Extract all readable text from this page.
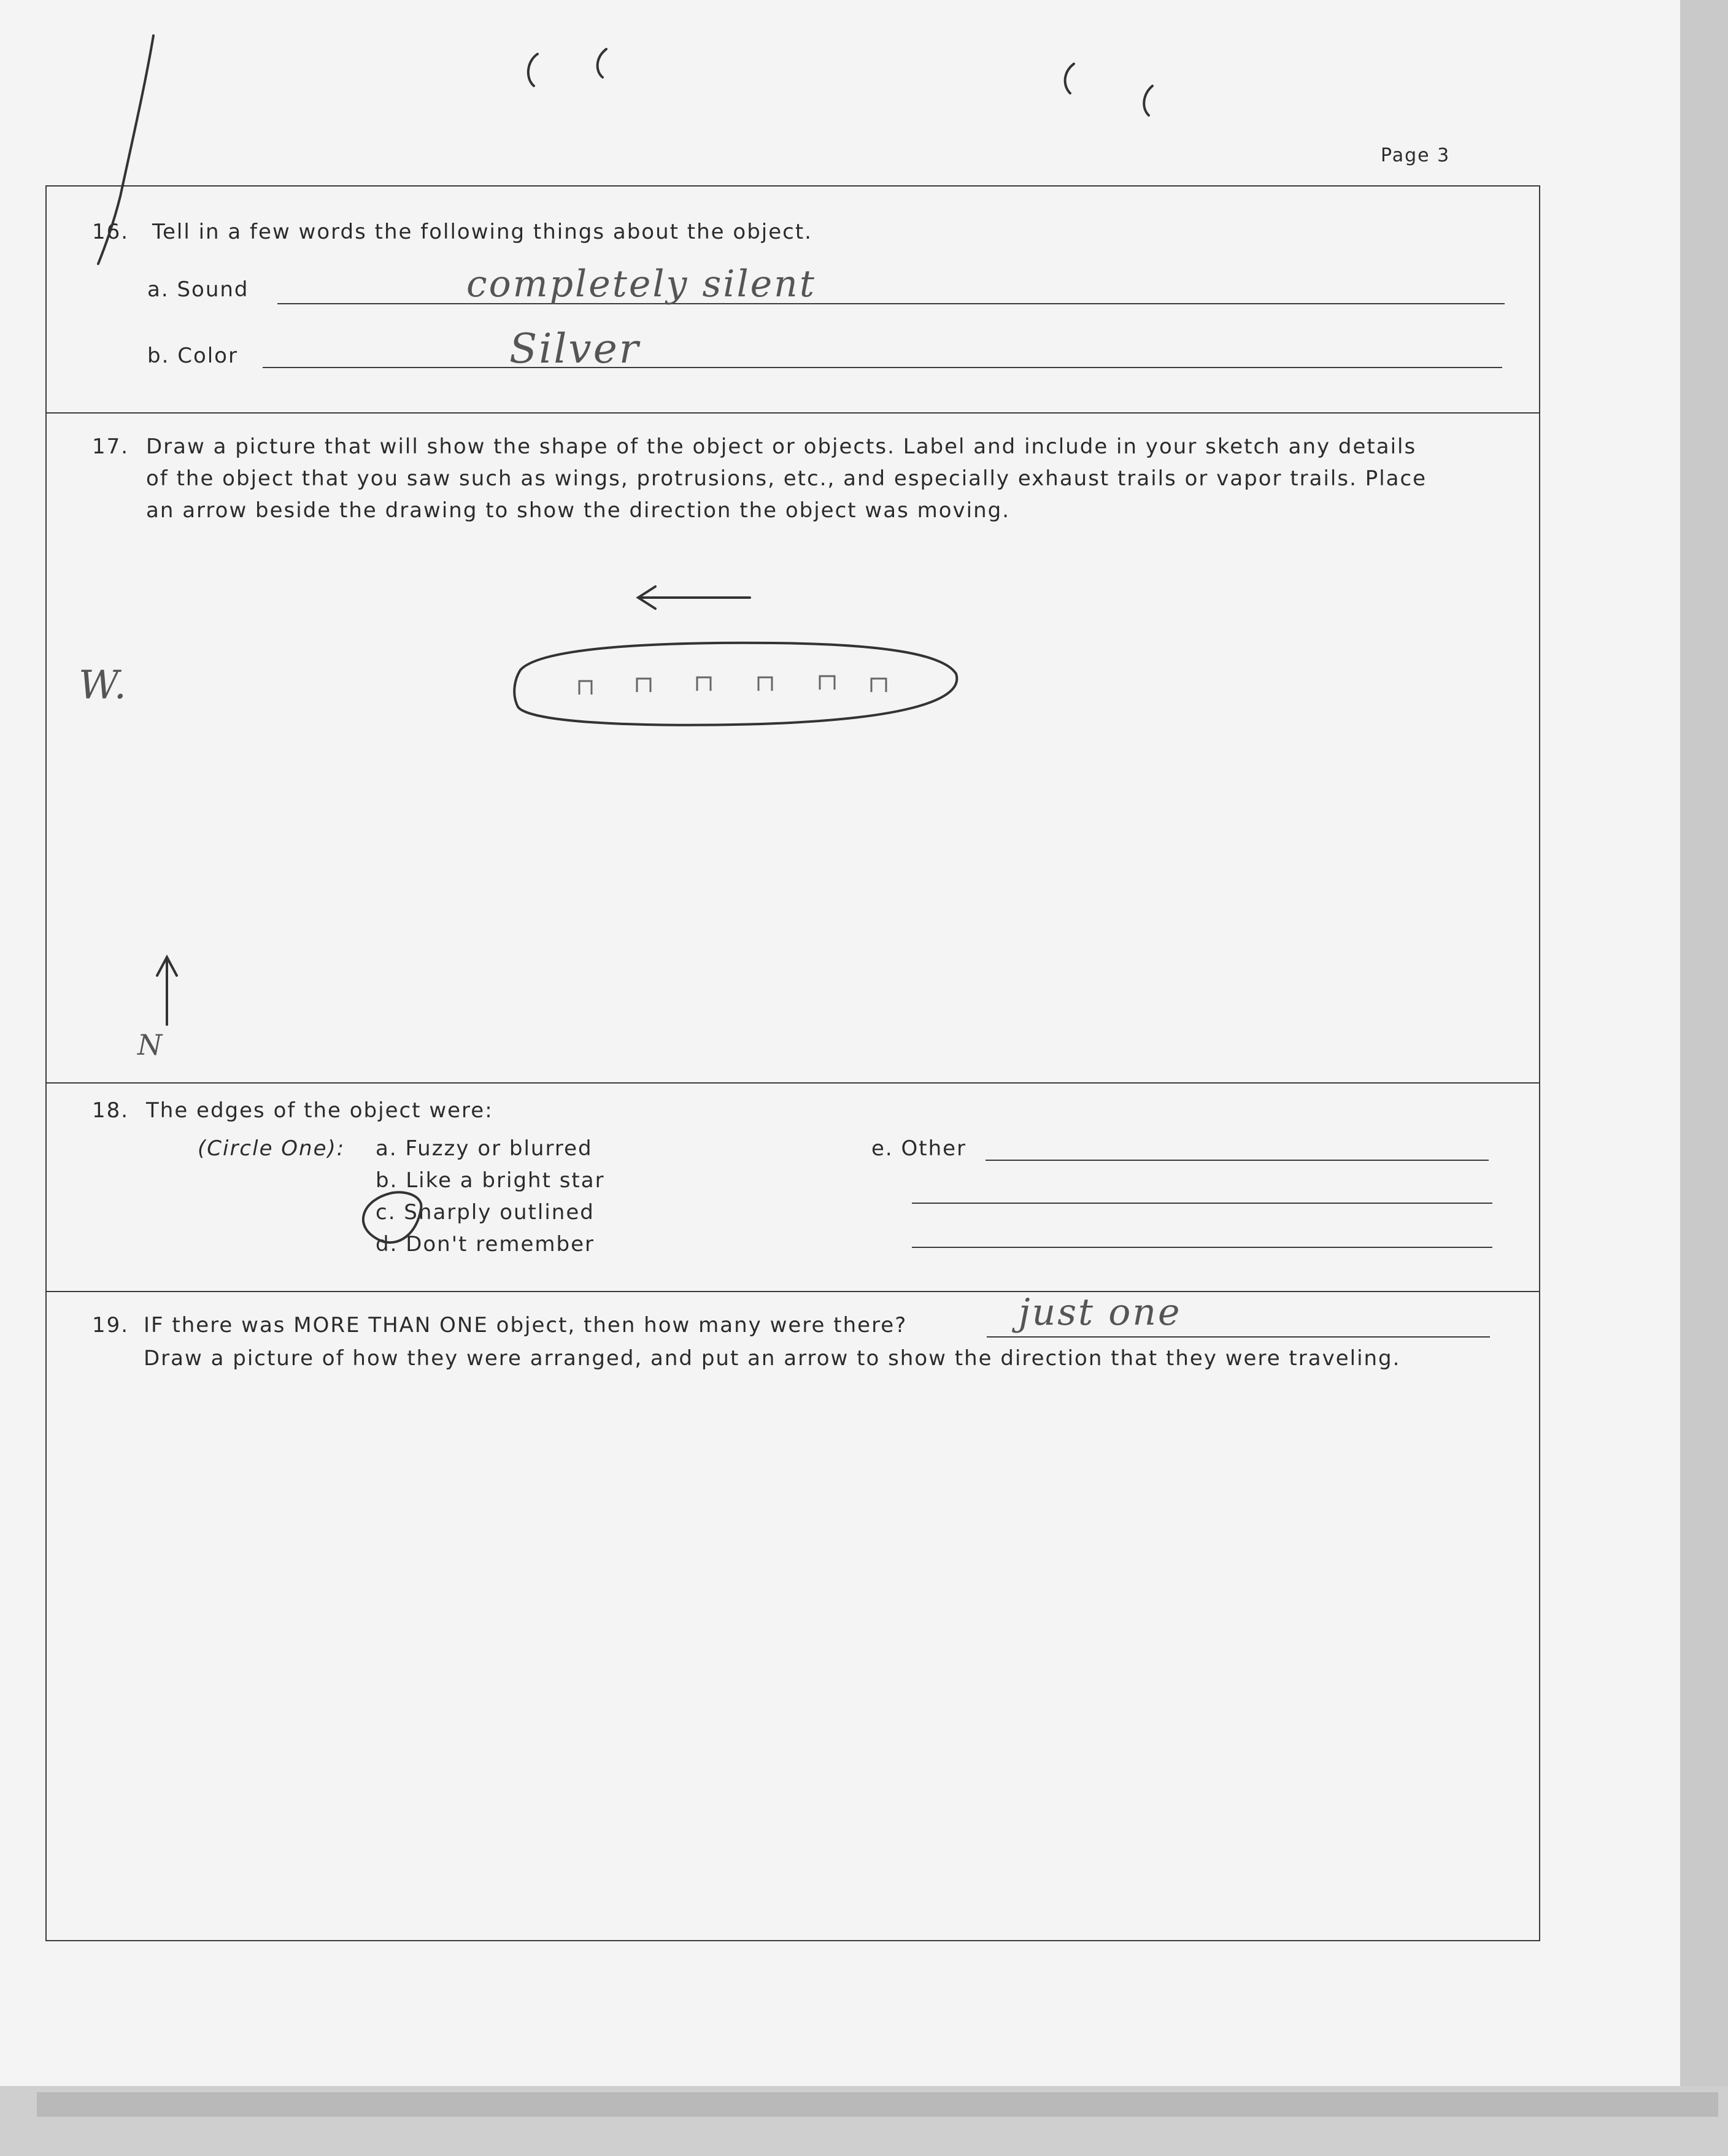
Page 3
16. Tell in a few words the following things about the object.
a. Sound	completely silent
b. Color	Silver
17. Draw a picture that will show the shape of the object or objects. Label and include in your sketch any details
of the object that you saw such as wings, protrusions, etc., and especially exhaust trails or vapor trails. Place
an arrow beside the drawing to show the direction the object was moving.
W.
N
18. The edges of the object were:
(Circle One): a. Fuzzy or blurred
b. Like a bright star
c. Sharply outlined
d. Don't remember
e. Other
19. IF there was MORE THAN ONE object, then how many were there?	just one
Draw a picture of how they were arranged, and put an arrow to show the direction that they were traveling.
